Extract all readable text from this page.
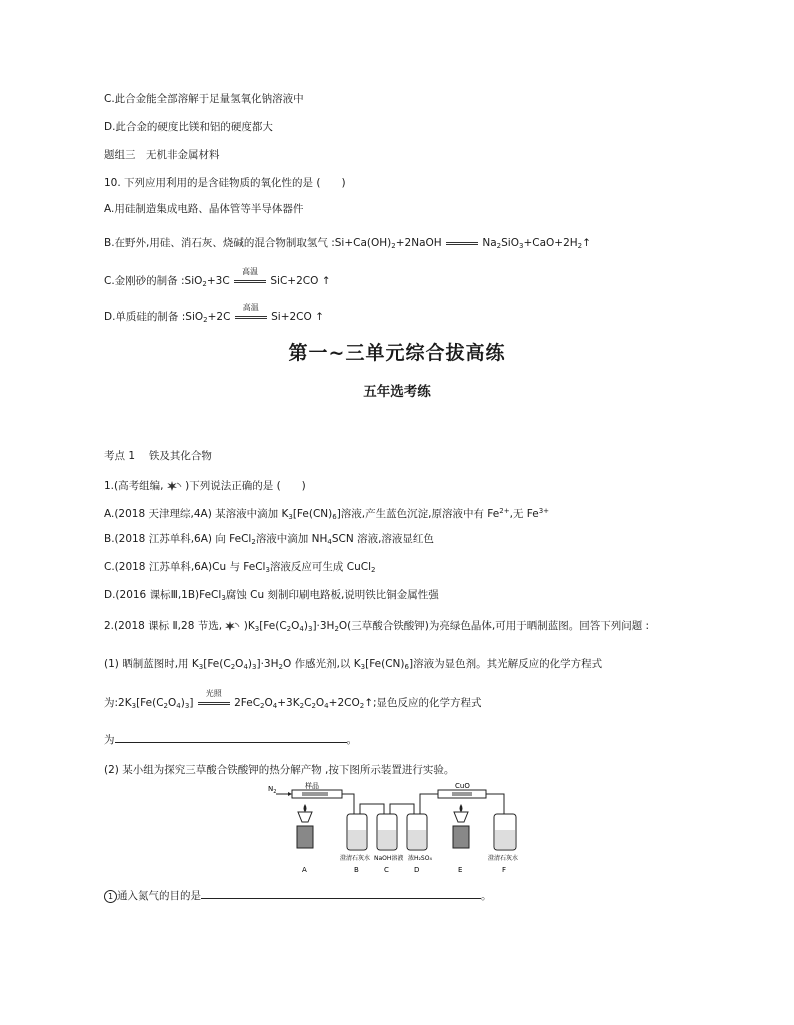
C.此合金能全部溶解于足量氢氧化钠溶液中
D.此合金的硬度比镁和铝的硬度都大
题组三　无机非金属材料
10. 下列应用利用的是含硅物质的氧化性的是 (　　)
A.用硅制造集成电路、晶体管等半导体器件
B.在野外,用硅、消石灰、烧碱的混合物制取氢气 $:Si+Ca(OH)_2+2NaOH$	$Na_2SiO_3+CaO+2H_2↑$
C.金刚砂的制备 :SiO$_2$+3C
高温
SiC+2CO ↑
D.单质硅的制备 :SiO$_2$+2C
高温
Si+2CO ↑
第一~三单元综合拔高练
五年选考练
考点 1　 铁及其化合物
1.(高考组编, )下列说法正确的是 (　　)
A.(2018 天津理综,4A) 某溶液中滴加 $K_3[Fe(CN)_6]$溶液,产生蓝色沉淀,原溶液中有 $Fe^{2+}$,无 $Fe^{3+}$
B.(2018 江苏单科,6A) 向 FeCl$_2$溶液中滴加 $NH_4SCN$ 溶液,溶液显红色
C.(2018 江苏单科,6A)Cu 与 FeCl$_3$溶液反应可生成 CuCl$_2$
D.(2016 课标Ⅲ,1B)FeCl$_3$腐蚀 Cu 刻制印刷电路板,说明铁比铜金属性强
2.(2018 课标 Ⅱ,28 节选, )$K_3[Fe(C_2O_4)_3]\cdot 3H_2O$(三草酸合铁酸钾)为亮绿色晶体,可用于晒制蓝图。回答下列问题 :
(1) 晒制蓝图时,用 $K_3[Fe(C_2O_4)_3]\cdot 3H_2O$ 作感光剂,以 $K_3[Fe(CN)_6]$溶液为显色剂。其光解反应的化学方程式
为$:2K_3[Fe(C_2O_4)_3]$
光照
$2FeC_2O_4+3K_2C_2O_4+2CO_2↑$;显色反应的化学方程式
为	。
(2) 某小组为探究三草酸合铁酸钾的热分解产物 ,按下图所示装置进行实验。
$N_2$
样品	CuO
澄清石灰水 NaOH溶液 浓H₂SO₄	澄清石灰水
A	B	C	D	E	F
1 通入氮气的目的是	。
